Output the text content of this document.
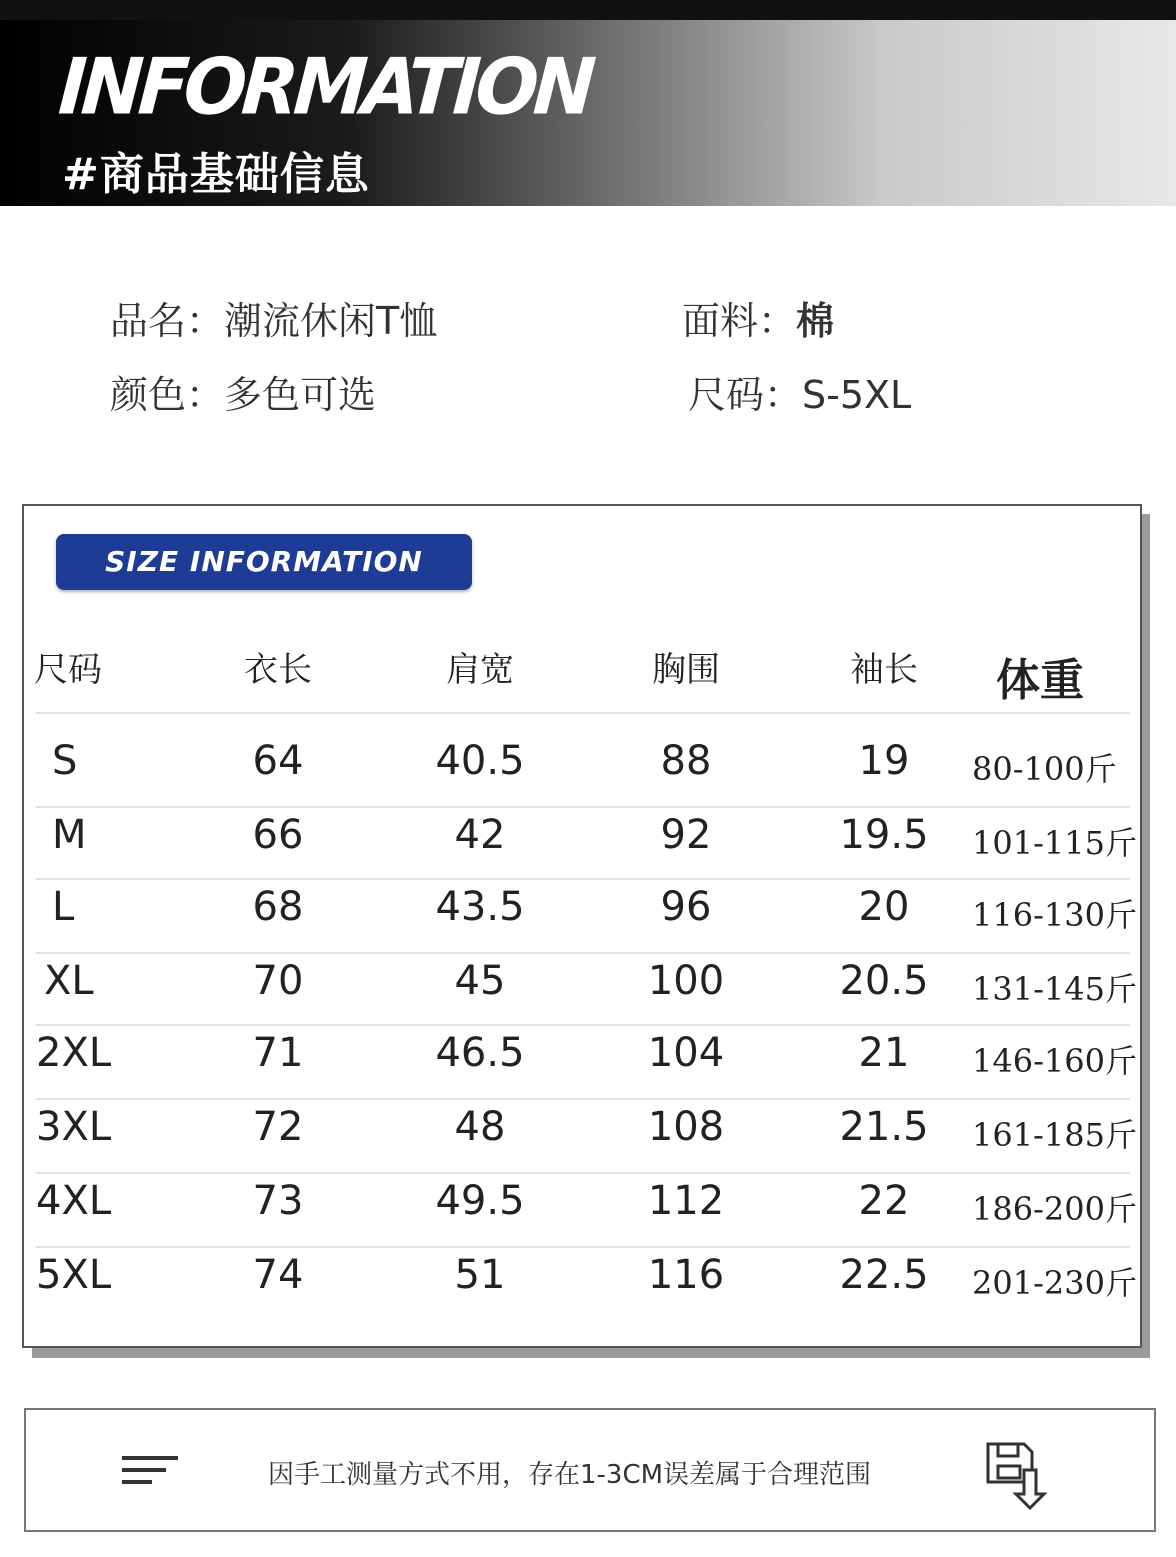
INFORMATION
#商品基础信息
品名：潮流休闲T恤	面料：棉
颜色：多色可选	尺码：S-5XL
SIZE INFORMATION
尺码	衣长	肩宽	胸围	袖长	体重
S	64	40.5	88	19	80-100斤
M	66	42	92	19.5	101-115斤
L	68	43.5	96	20	116-130斤
XL	70	45	100	20.5	131-145斤
2XL	71	46.5	104	21	146-160斤
3XL	72	48	108	21.5	161-185斤
4XL	73	49.5	112	22	186-200斤
5XL	74	51	116	22.5	201-230斤
因手工测量方式不用，存在1-3CM误差属于合理范围
